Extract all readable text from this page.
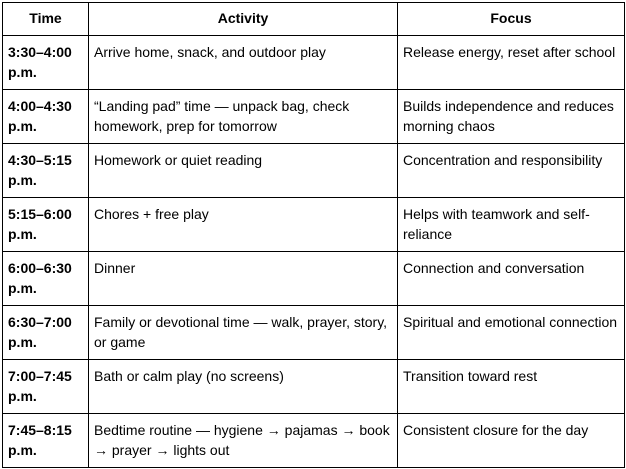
Time	Activity	Focus
3:30–4:00 p.m.	Arrive home, snack, and outdoor play	Release energy, reset after school
4:00–4:30 p.m.	“Landing pad” time — unpack bag, check homework, prep for tomorrow	Builds independence and reduces morning chaos
4:30–5:15 p.m.	Homework or quiet reading	Concentration and responsibility
5:15–6:00 p.m.	Chores + free play	Helps with teamwork and self-reliance
6:00–6:30 p.m.	Dinner	Connection and conversation
6:30–7:00 p.m.	Family or devotional time — walk, prayer, story, or game	Spiritual and emotional connection
7:00–7:45 p.m.	Bath or calm play (no screens)	Transition toward rest
7:45–8:15 p.m.	Bedtime routine — hygiene → pajamas → book → prayer → lights out	Consistent closure for the day
